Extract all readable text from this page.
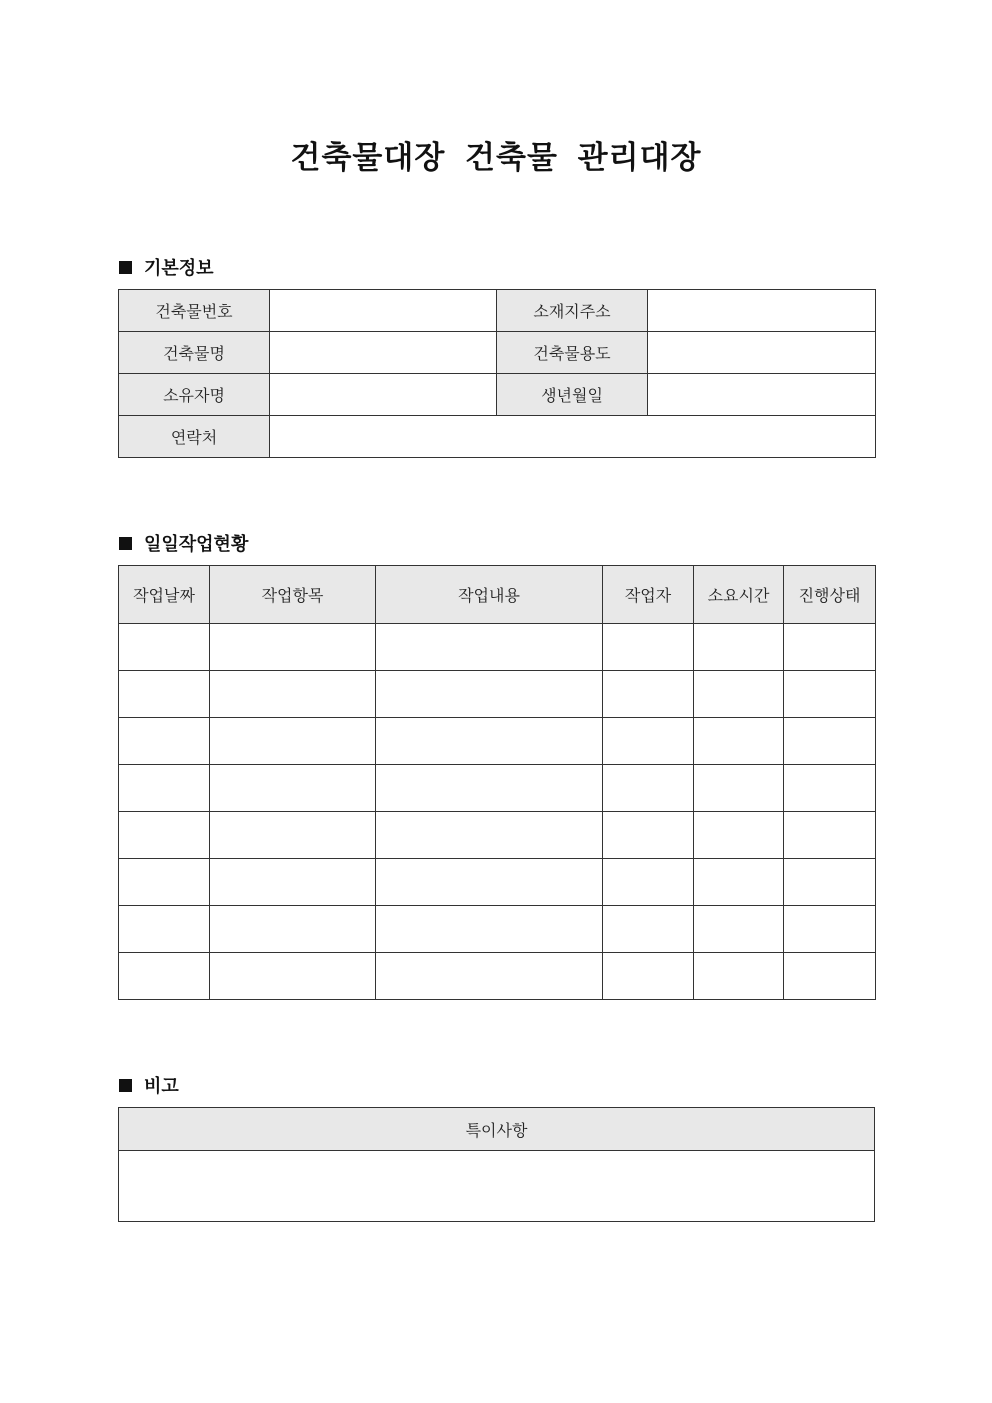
건축물대장 건축물 관리대장
기본정보
건축물번호		소재지주소	
건축물명		건축물용도	
소유자명		생년월일	
연락처			
일일작업현황
작업날짜	작업항목	작업내용	작업자	소요시간	진행상태

비고
특이사항
